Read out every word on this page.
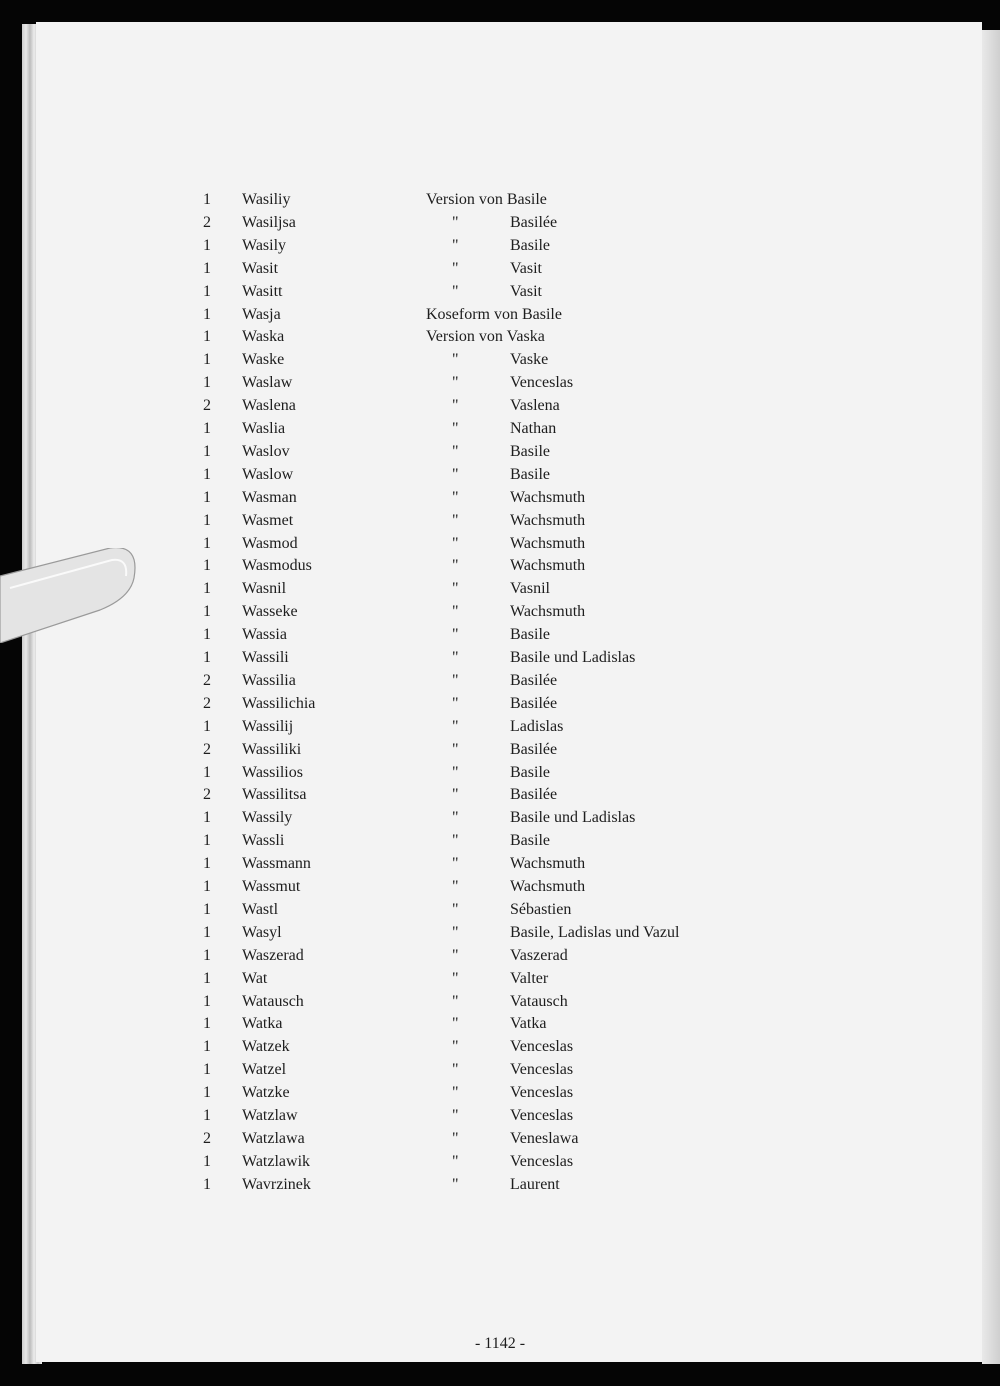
1 Wasiliy	Version von Basile
2 Wasiljsa	"	Basilée
1 Wasily	"	Basile
1 Wasit	"	Vasit
1 Wasitt	"	Vasit
1 Wasja	Koseform von Basile
1 Waska	Version von Vaska
1 Waske	"	Vaske
1 Waslaw	"	Venceslas
2 Waslena	"	Vaslena
1 Waslia	"	Nathan
1 Waslov	"	Basile
1 Waslow	"	Basile
1 Wasman	"	Wachsmuth
1 Wasmet	"	Wachsmuth
1 Wasmod	"	Wachsmuth
1 Wasmodus	"	Wachsmuth
1 Wasnil	"	Vasnil
1 Wasseke	"	Wachsmuth
1 Wassia	"	Basile
1 Wassili	"	Basile und Ladislas
2 Wassilia	"	Basilée
2 Wassilichia	"	Basilée
1 Wassilij	"	Ladislas
2 Wassiliki	"	Basilée
1 Wassilios	"	Basile
2 Wassilitsa	"	Basilée
1 Wassily	"	Basile und Ladislas
1 Wassli	"	Basile
1 Wassmann	"	Wachsmuth
1 Wassmut	"	Wachsmuth
1 Wastl	"	Sébastien
1 Wasyl	"	Basile, Ladislas und Vazul
1 Waszerad	"	Vaszerad
1 Wat	"	Valter
1 Watausch	"	Vatausch
1 Watka	"	Vatka
1 Watzek	"	Venceslas
1 Watzel	"	Venceslas
1 Watzke	"	Venceslas
1 Watzlaw	"	Venceslas
2 Watzlawa	"	Veneslawa
1 Watzlawik	"	Venceslas
1 Wavrzinek	"	Laurent
- 1142 -
